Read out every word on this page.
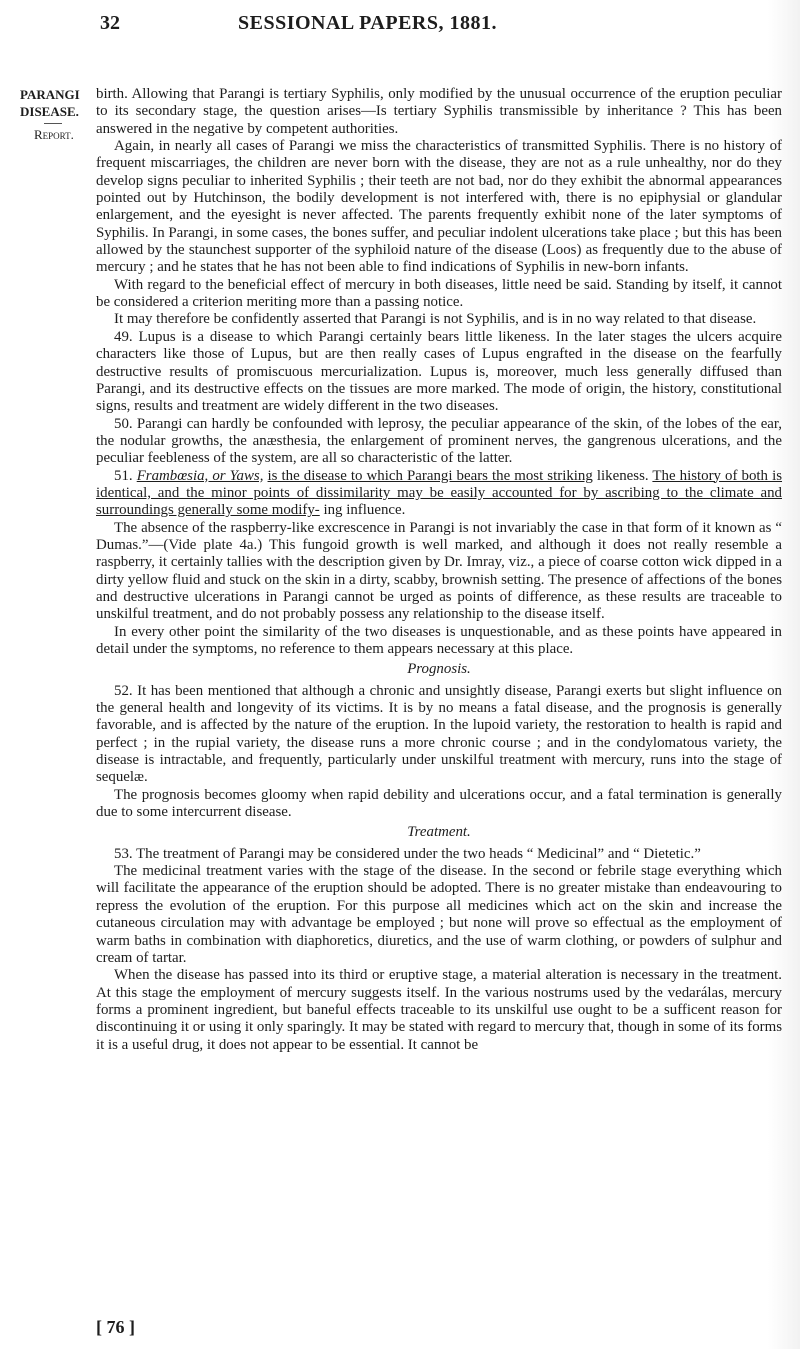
32	SESSIONAL PAPERS, 1881.
PARANGI
DISEASE.
Report.

birth. Allowing that Parangi is tertiary Syphilis, only modified by the unusual occurrence of the eruption peculiar to its secondary stage, the question arises—Is tertiary Syphilis transmissible by inheritance ? This has been answered in the negative by competent authorities.

Again, in nearly all cases of Parangi we miss the characteristics of transmitted Syphilis. There is no history of frequent miscarriages, the children are never born with the disease, they are not as a rule unhealthy, nor do they develop signs peculiar to inherited Syphilis ; their teeth are not bad, nor do they exhibit the abnormal appearances pointed out by Hutchinson, the bodily development is not interfered with, there is no epiphysial or glandular enlargement, and the eyesight is never affected. The parents frequently exhibit none of the later symptoms of Syphilis. In Parangi, in some cases, the bones suffer, and peculiar indolent ulcerations take place ; but this has been allowed by the staunchest supporter of the syphiloid nature of the disease (Loos) as frequently due to the abuse of mercury ; and he states that he has not been able to find indications of Syphilis in new-born infants.

With regard to the beneficial effect of mercury in both diseases, little need be said. Standing by itself, it cannot be considered a criterion meriting more than a passing notice.

It may therefore be confidently asserted that Parangi is not Syphilis, and is in no way related to that disease.

49. Lupus is a disease to which Parangi certainly bears little likeness. In the later stages the ulcers acquire characters like those of Lupus, but are then really cases of Lupus engrafted in the disease on the fearfully destructive results of promiscuous mercurialization. Lupus is, moreover, much less generally diffused than Parangi, and its destructive effects on the tissues are more marked. The mode of origin, the history, constitutional signs, results and treatment are widely different in the two diseases.

50. Parangi can hardly be confounded with leprosy, the peculiar appearance of the skin, of the lobes of the ear, the nodular growths, the anæsthesia, the enlargement of prominent nerves, the gangrenous ulcerations, and the peculiar feebleness of the system, are all so characteristic of the latter.

51. Frambœsia, or Yaws, is the disease to which Parangi bears the most striking likeness. The history of both is identical, and the minor points of dissimilarity may be easily accounted for by ascribing to the climate and surroundings generally some modify- ing influence.

The absence of the raspberry-like excrescence in Parangi is not invariably the case in that form of it known as “ Dumas.”—(Vide plate 4a.) This fungoid growth is well marked, and although it does not really resemble a raspberry, it certainly tallies with the description given by Dr. Imray, viz., a piece of coarse cotton wick dipped in a dirty yellow fluid and stuck on the skin in a dirty, scabby, brownish setting. The presence of affections of the bones and destructive ulcerations in Parangi cannot be urged as points of difference, as these results are traceable to unskilful treatment, and do not probably possess any relationship to the disease itself.

In every other point the similarity of the two diseases is unquestionable, and as these points have appeared in detail under the symptoms, no reference to them appears necessary at this place.

Prognosis.

52. It has been mentioned that although a chronic and unsightly disease, Parangi exerts but slight influence on the general health and longevity of its victims. It is by no means a fatal disease, and the prognosis is generally favorable, and is affected by the nature of the eruption. In the lupoid variety, the restoration to health is rapid and perfect ; in the rupial variety, the disease runs a more chronic course ; and in the condylomatous variety, the disease is intractable, and frequently, particularly under unskilful treatment with mercury, runs into the stage of sequelæ.

The prognosis becomes gloomy when rapid debility and ulcerations occur, and a fatal termination is generally due to some intercurrent disease.

Treatment.

53. The treatment of Parangi may be considered under the two heads “ Medicinal” and “ Dietetic.”

The medicinal treatment varies with the stage of the disease. In the second or febrile stage everything which will facilitate the appearance of the eruption should be adopted. There is no greater mistake than endeavouring to repress the evolution of the eruption. For this purpose all medicines which act on the skin and increase the cutaneous circulation may with advantage be employed ; but none will prove so effectual as the employment of warm baths in combination with diaphoretics, diuretics, and the use of warm clothing, or powders of sulphur and cream of tartar.

When the disease has passed into its third or eruptive stage, a material alteration is necessary in the treatment. At this stage the employment of mercury suggests itself. In the various nostrums used by the vedarálas, mercury forms a prominent ingredient, but baneful effects traceable to its unskilful use ought to be a sufficent reason for discontinuing it or using it only sparingly. It may be stated with regard to mercury that, though in some of its forms it is a useful drug, it does not appear to be essential. It cannot be

[ 76 ]
